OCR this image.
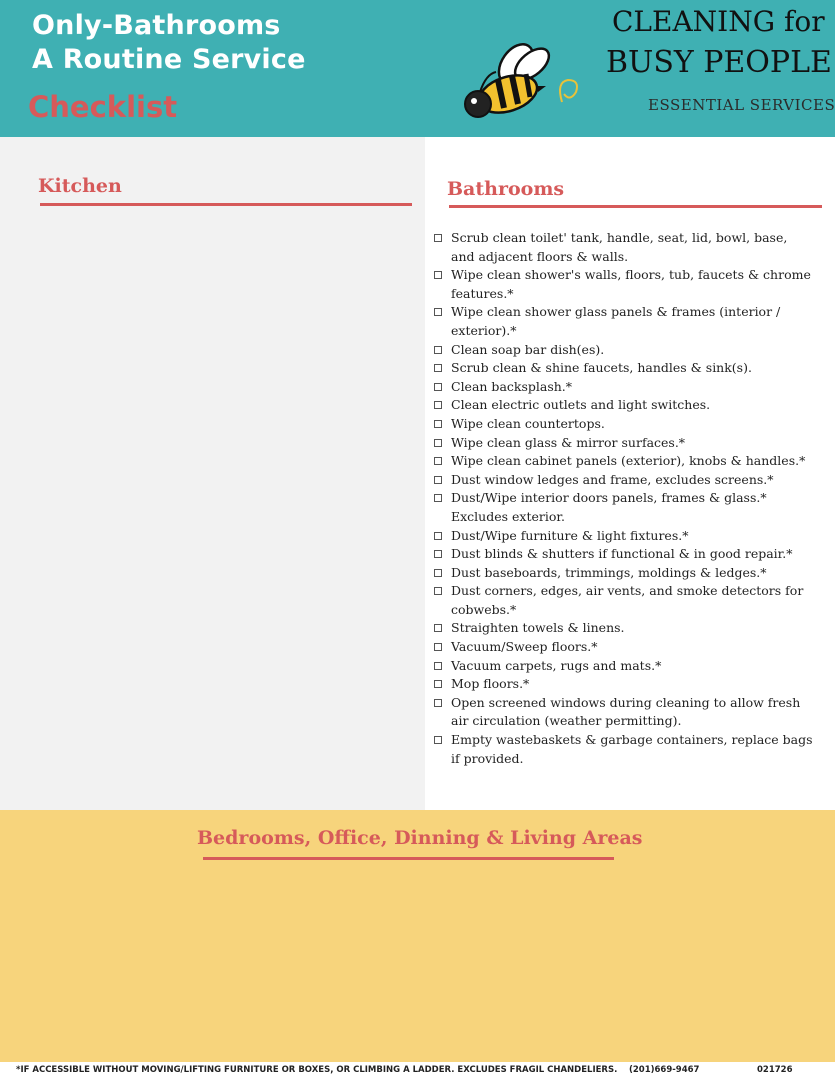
Only-Bathrooms
A Routine Service
Checklist
CLEANING for
BUSY PEOPLE
ESSENTIAL SERVICES
Kitchen	Bathrooms
Scrub clean toilet' tank, handle, seat, lid, bowl, base, and adjacent floors & walls.
Wipe clean shower's walls, floors, tub, faucets & chrome features.*
Wipe clean shower glass panels & frames (interior / exterior).*
Clean soap bar dish(es).
Scrub clean & shine faucets, handles & sink(s).
Clean backsplash.*
Clean electric outlets and light switches.
Wipe clean countertops.
Wipe clean glass & mirror surfaces.*
Wipe clean cabinet panels (exterior), knobs & handles.*
Dust window ledges and frame, excludes screens.*
Dust/Wipe interior doors panels, frames & glass.* Excludes exterior.
Dust/Wipe furniture & light fixtures.*
Dust blinds & shutters if functional & in good repair.*
Dust baseboards, trimmings, moldings & ledges.*
Dust corners, edges, air vents, and smoke detectors for cobwebs.*
Straighten towels & linens.
Vacuum/Sweep floors.*
Vacuum carpets, rugs and mats.*
Mop floors.*
Open screened windows during cleaning to allow fresh air circulation (weather permitting).
Empty wastebaskets & garbage containers, replace bags if provided.
Bedrooms, Office, Dinning & Living Areas
*IF ACCESSIBLE WITHOUT MOVING/LIFTING FURNITURE OR BOXES, OR CLIMBING A LADDER. EXCLUDES FRAGIL CHANDELIERS. (201)669-9467	021726
